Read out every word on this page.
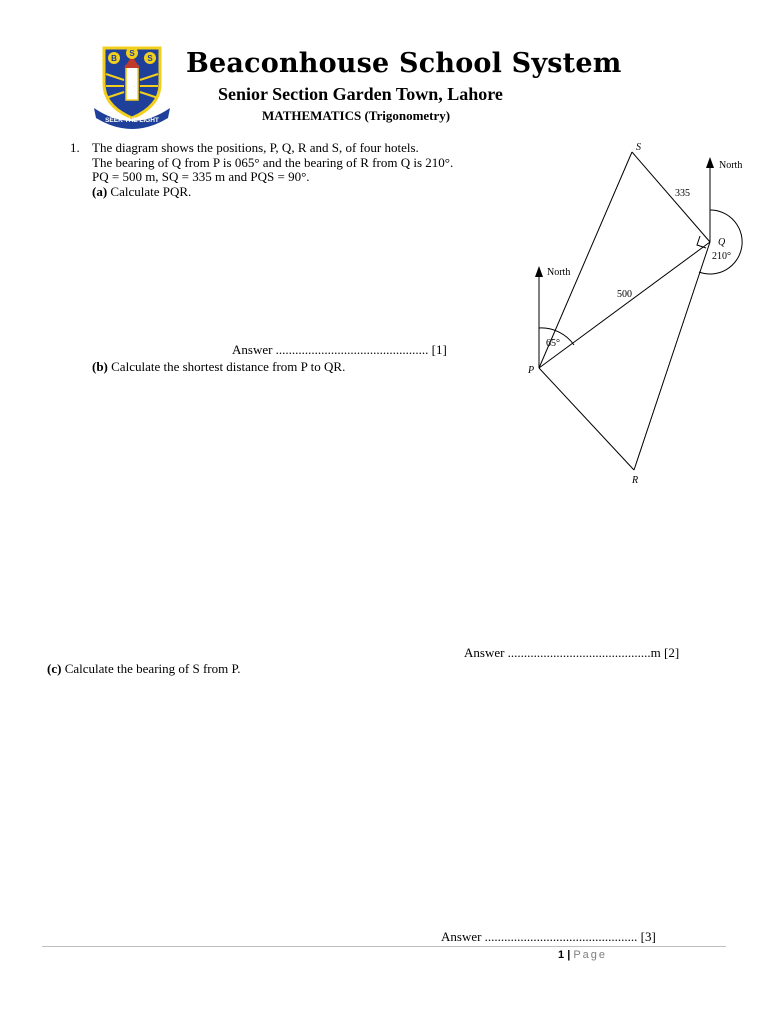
B
S
S
SEEK THE LIGHT
Beaconhouse School System
Senior Section Garden Town, Lahore
MATHEMATICS (Trigonometry)
1. The diagram shows the positions, P, Q, R and S, of four hotels.
The bearing of Q from P is 065° and the bearing of R from Q is 210°.
PQ = 500 m, SQ = 335 m and PQS = 90°.
(a) Calculate PQR.
Answer ............................................... [1]
(b) Calculate the shortest distance from P to QR.
Answer ............................................m [2]
(c) Calculate the bearing of S from P.
Answer ............................................... [3]
S
Q
P
R
North
North
335
500
65°
210°
1 | Page
